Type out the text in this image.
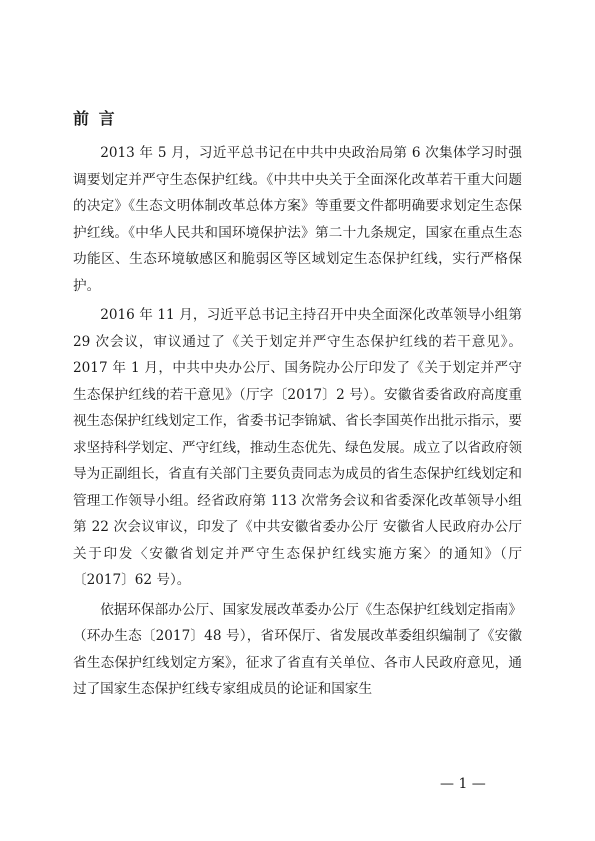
前 言

2013 年 5 月，习近平总书记在中共中央政治局第 6 次集体学习时强调要划定并严守生态保护红线。《中共中央关于全面深化改革若干重大问题的决定》《生态文明体制改革总体方案》等重要文件都明确要求划定生态保护红线。《中华人民共和国环境保护法》第二十九条规定，国家在重点生态功能区、生态环境敏感区和脆弱区等区域划定生态保护红线，实行严格保护。

2016 年 11 月，习近平总书记主持召开中央全面深化改革领导小组第 29 次会议，审议通过了《关于划定并严守生态保护红线的若干意见》。2017 年 1 月，中共中央办公厅、国务院办公厅印发了《关于划定并严守生态保护红线的若干意见》（厅字〔2017〕2 号）。安徽省委省政府高度重视生态保护红线划定工作，省委书记李锦斌、省长李国英作出批示指示，要求坚持科学划定、严守红线，推动生态优先、绿色发展。成立了以省政府领导为正副组长，省直有关部门主要负责同志为成员的省生态保护红线划定和管理工作领导小组。经省政府第 113 次常务会议和省委深化改革领导小组第 22 次会议审议，印发了《中共安徽省委办公厅 安徽省人民政府办公厅关于印发〈安徽省划定并严守生态保护红线实施方案〉的通知》（厅〔2017〕62 号）。

依据环保部办公厅、国家发展改革委办公厅《生态保护红线划定指南》（环办生态〔2017〕48 号），省环保厅、省发展改革委组织编制了《安徽省生态保护红线划定方案》，征求了省直有关单位、各市人民政府意见，通过了国家生态保护红线专家组成员的论证和国家生

— 1 —
